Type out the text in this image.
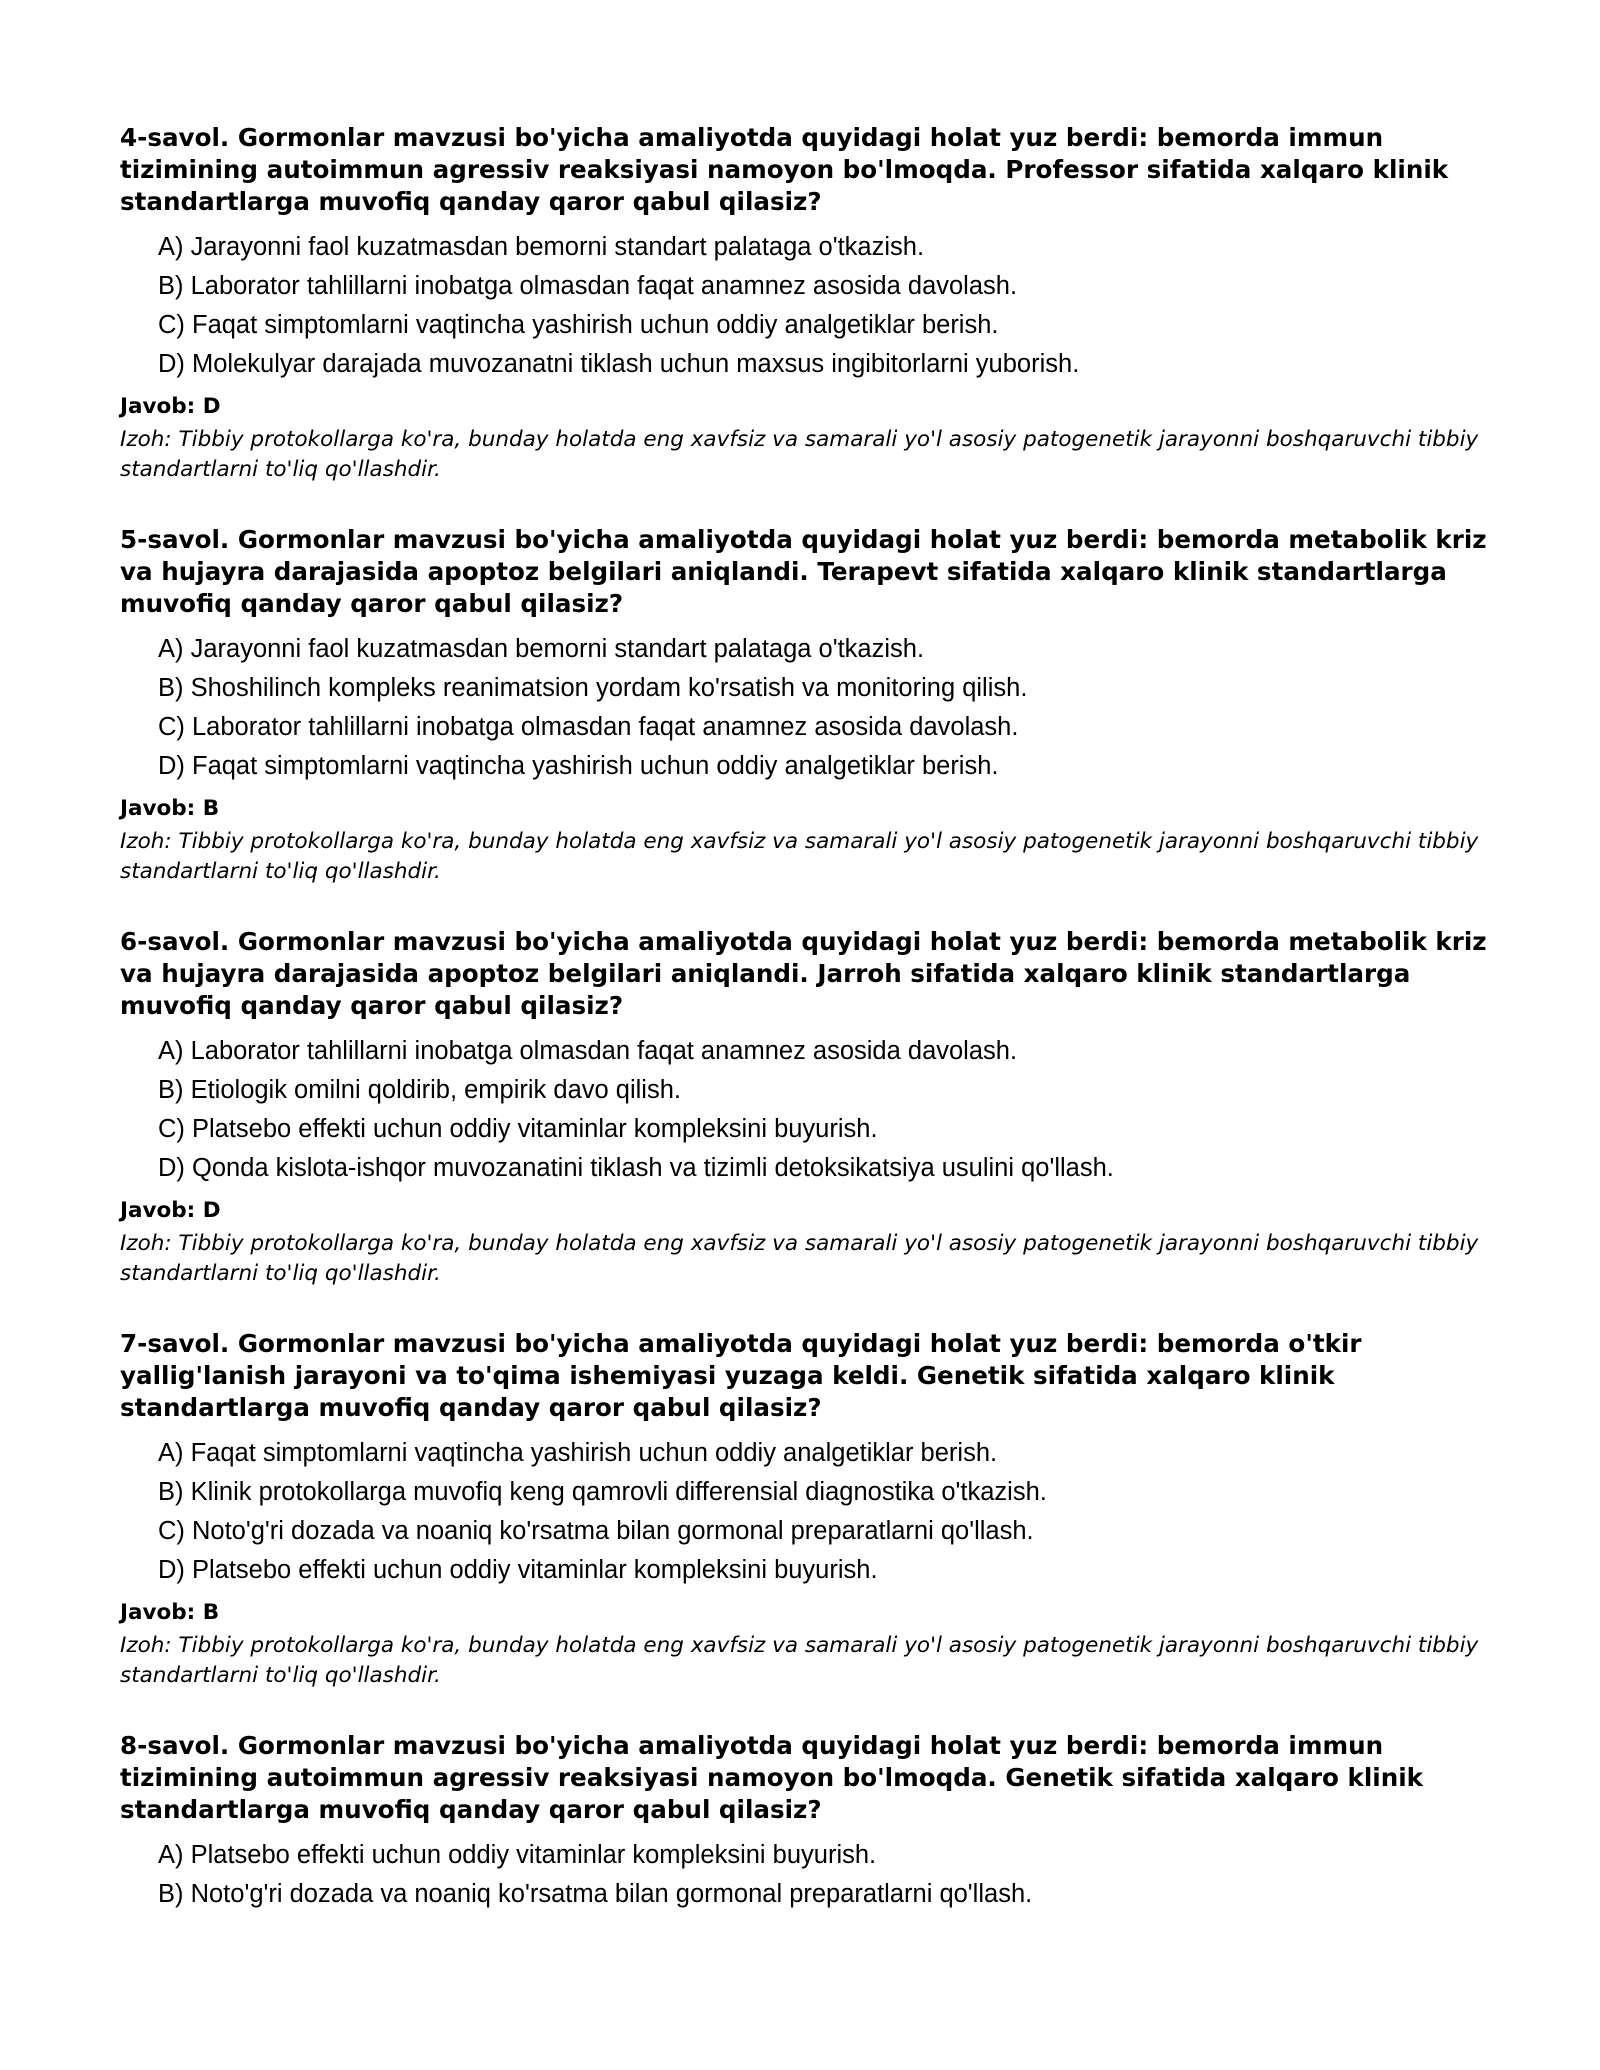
4-savol. Gormonlar mavzusi bo'yicha amaliyotda quyidagi holat yuz berdi: bemorda immun tizimining autoimmun agressiv reaksiyasi namoyon bo'lmoqda. Professor sifatida xalqaro klinik standartlarga muvofiq qanday qaror qabul qilasiz?
A) Jarayonni faol kuzatmasdan bemorni standart palataga o'tkazish.
B) Laborator tahlillarni inobatga olmasdan faqat anamnez asosida davolash.
C) Faqat simptomlarni vaqtincha yashirish uchun oddiy analgetiklar berish.
D) Molekulyar darajada muvozanatni tiklash uchun maxsus ingibitorlarni yuborish.
Javob: D
Izoh: Tibbiy protokollarga ko'ra, bunday holatda eng xavfsiz va samarali yo'l asosiy patogenetik jarayonni boshqaruvchi tibbiy standartlarni to'liq qo'llashdir.
5-savol. Gormonlar mavzusi bo'yicha amaliyotda quyidagi holat yuz berdi: bemorda metabolik kriz va hujayra darajasida apoptoz belgilari aniqlandi. Terapevt sifatida xalqaro klinik standartlarga muvofiq qanday qaror qabul qilasiz?
A) Jarayonni faol kuzatmasdan bemorni standart palataga o'tkazish.
B) Shoshilinch kompleks reanimatsion yordam ko'rsatish va monitoring qilish.
C) Laborator tahlillarni inobatga olmasdan faqat anamnez asosida davolash.
D) Faqat simptomlarni vaqtincha yashirish uchun oddiy analgetiklar berish.
Javob: B
Izoh: Tibbiy protokollarga ko'ra, bunday holatda eng xavfsiz va samarali yo'l asosiy patogenetik jarayonni boshqaruvchi tibbiy standartlarni to'liq qo'llashdir.
6-savol. Gormonlar mavzusi bo'yicha amaliyotda quyidagi holat yuz berdi: bemorda metabolik kriz va hujayra darajasida apoptoz belgilari aniqlandi. Jarroh sifatida xalqaro klinik standartlarga muvofiq qanday qaror qabul qilasiz?
A) Laborator tahlillarni inobatga olmasdan faqat anamnez asosida davolash.
B) Etiologik omilni qoldirib, empirik davo qilish.
C) Platsebo effekti uchun oddiy vitaminlar kompleksini buyurish.
D) Qonda kislota-ishqor muvozanatini tiklash va tizimli detoksikatsiya usulini qo'llash.
Javob: D
Izoh: Tibbiy protokollarga ko'ra, bunday holatda eng xavfsiz va samarali yo'l asosiy patogenetik jarayonni boshqaruvchi tibbiy standartlarni to'liq qo'llashdir.
7-savol. Gormonlar mavzusi bo'yicha amaliyotda quyidagi holat yuz berdi: bemorda o'tkir yallig'lanish jarayoni va to'qima ishemiyasi yuzaga keldi. Genetik sifatida xalqaro klinik standartlarga muvofiq qanday qaror qabul qilasiz?
A) Faqat simptomlarni vaqtincha yashirish uchun oddiy analgetiklar berish.
B) Klinik protokollarga muvofiq keng qamrovli differensial diagnostika o'tkazish.
C) Noto'g'ri dozada va noaniq ko'rsatma bilan gormonal preparatlarni qo'llash.
D) Platsebo effekti uchun oddiy vitaminlar kompleksini buyurish.
Javob: B
Izoh: Tibbiy protokollarga ko'ra, bunday holatda eng xavfsiz va samarali yo'l asosiy patogenetik jarayonni boshqaruvchi tibbiy standartlarni to'liq qo'llashdir.
8-savol. Gormonlar mavzusi bo'yicha amaliyotda quyidagi holat yuz berdi: bemorda immun tizimining autoimmun agressiv reaksiyasi namoyon bo'lmoqda. Genetik sifatida xalqaro klinik standartlarga muvofiq qanday qaror qabul qilasiz?
A) Platsebo effekti uchun oddiy vitaminlar kompleksini buyurish.
B) Noto'g'ri dozada va noaniq ko'rsatma bilan gormonal preparatlarni qo'llash.
